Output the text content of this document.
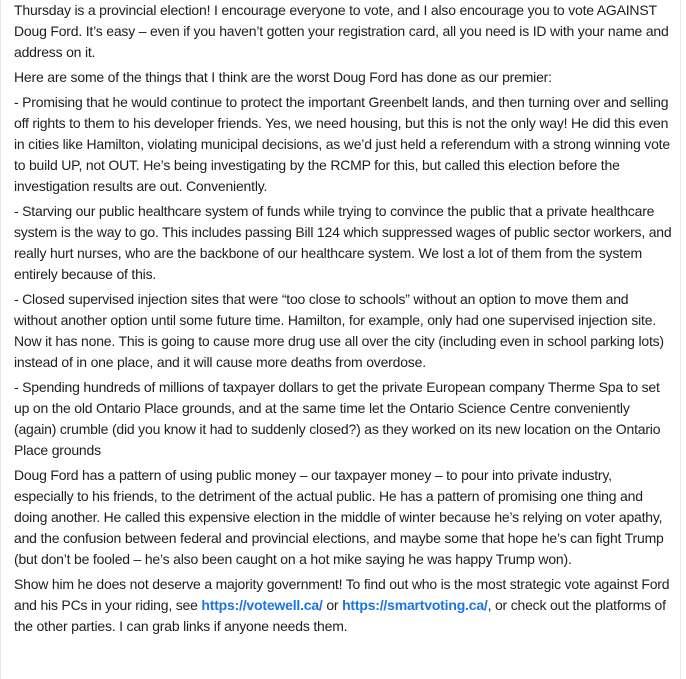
Thursday is a provincial election! I encourage everyone to vote, and I also encourage you to vote AGAINST Doug Ford. It’s easy – even if you haven’t gotten your registration card, all you need is ID with your name and address on it.

Here are some of the things that I think are the worst Doug Ford has done as our premier:

- Promising that he would continue to protect the important Greenbelt lands, and then turning over and selling off rights to them to his developer friends. Yes, we need housing, but this is not the only way! He did this even in cities like Hamilton, violating municipal decisions, as we’d just held a referendum with a strong winning vote to build UP, not OUT. He’s being investigating by the RCMP for this, but called this election before the investigation results are out. Conveniently.

- Starving our public healthcare system of funds while trying to convince the public that a private healthcare system is the way to go. This includes passing Bill 124 which suppressed wages of public sector workers, and really hurt nurses, who are the backbone of our healthcare system. We lost a lot of them from the system entirely because of this.

- Closed supervised injection sites that were “too close to schools” without an option to move them and without another option until some future time. Hamilton, for example, only had one supervised injection site. Now it has none. This is going to cause more drug use all over the city (including even in school parking lots) instead of in one place, and it will cause more deaths from overdose.

- Spending hundreds of millions of taxpayer dollars to get the private European company Therme Spa to set up on the old Ontario Place grounds, and at the same time let the Ontario Science Centre conveniently (again) crumble (did you know it had to suddenly closed?) as they worked on its new location on the Ontario Place grounds

Doug Ford has a pattern of using public money – our taxpayer money – to pour into private industry, especially to his friends, to the detriment of the actual public. He has a pattern of promising one thing and doing another. He called this expensive election in the middle of winter because he’s relying on voter apathy, and the confusion between federal and provincial elections, and maybe some that hope he’s can fight Trump (but don’t be fooled – he’s also been caught on a hot mike saying he was happy Trump won).

Show him he does not deserve a majority government! To find out who is the most strategic vote against Ford and his PCs in your riding, see https://votewell.ca/ or https://smartvoting.ca/, or check out the platforms of the other parties. I can grab links if anyone needs them.
